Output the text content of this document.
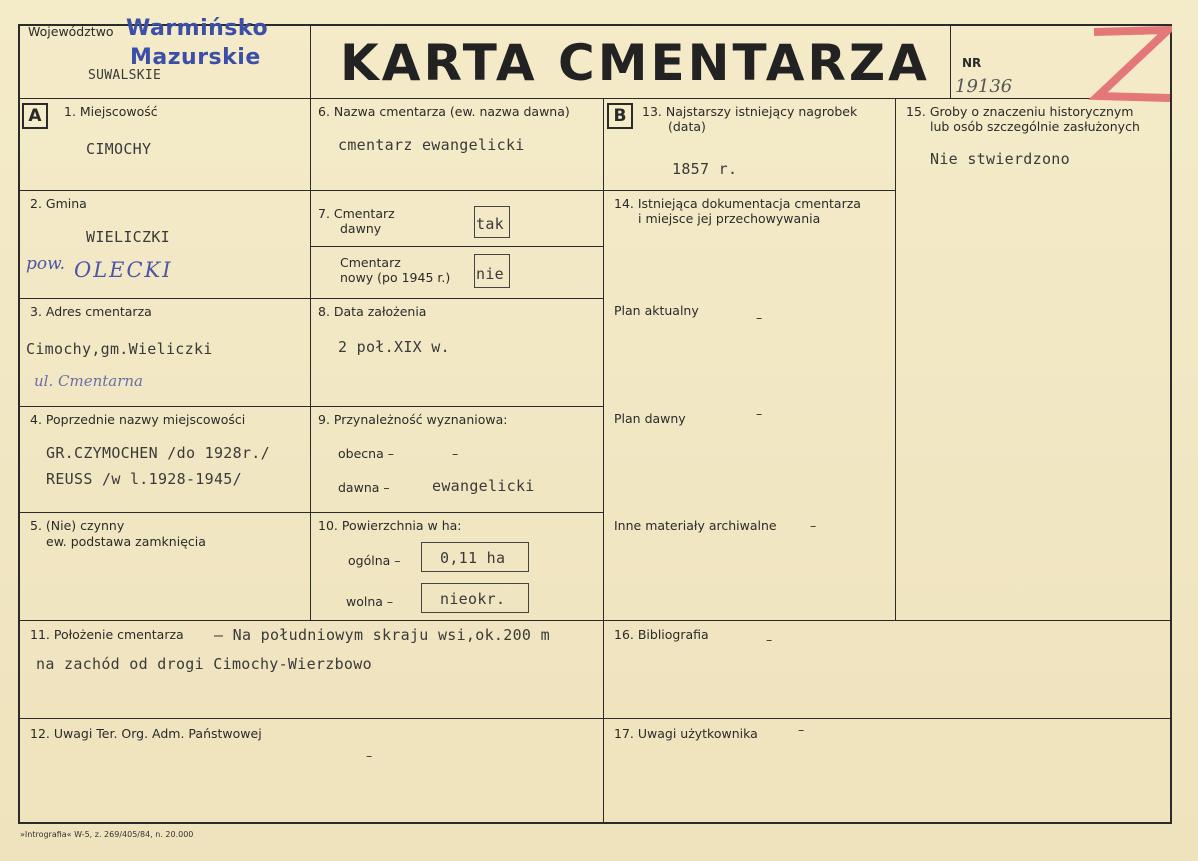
Województwo Warmińsko
Mazurskie
SUWALSKIE	KARTA CMENTARZA	NR
19136
A	B
1. Miejscowość
CIMOCHY
2. Gmina
WIELICZKI
pow. OLECKI
3. Adres cmentarza
Cimochy,gm.Wieliczki
ul. Cmentarna
4. Poprzednie nazwy miejscowości
GR.CZYMOCHEN /do 1928r./
REUSS /w l.1928-1945/
5. (Nie) czynny
ew. podstawa zamknięcia
6. Nazwa cmentarza (ew. nazwa dawna)
cmentarz ewangelicki
7. Cmentarz
dawny	tak
Cmentarz
nowy (po 1945 r.) nie
8. Data założenia
2 poł.XIX w.
9. Przynależność wyznaniowa:
obecna –	–
dawna –	ewangelicki
10. Powierzchnia w ha:
ogólna –	0,11 ha
wolna –	nieokr.
11. Położenie cmentarza – Na południowym skraju wsi,ok.200 m
na zachód od drogi Cimochy-Wierzbowo
12. Uwagi Ter. Org. Adm. Państwowej
–
13. Najstarszy istniejący nagrobek
(data)
1857 r.
14. Istniejąca dokumentacja cmentarza
i miejsce jej przechowywania
Plan aktualny	–
Plan dawny	–
Inne materiały archiwalne	–
15. Groby o znaczeniu historycznym
lub osób szczególnie zasłużonych
Nie stwierdzono
16. Bibliografia	–
17. Uwagi użytkownika	–
»Intrografia« W-5, z. 269/405/84, n. 20.000
